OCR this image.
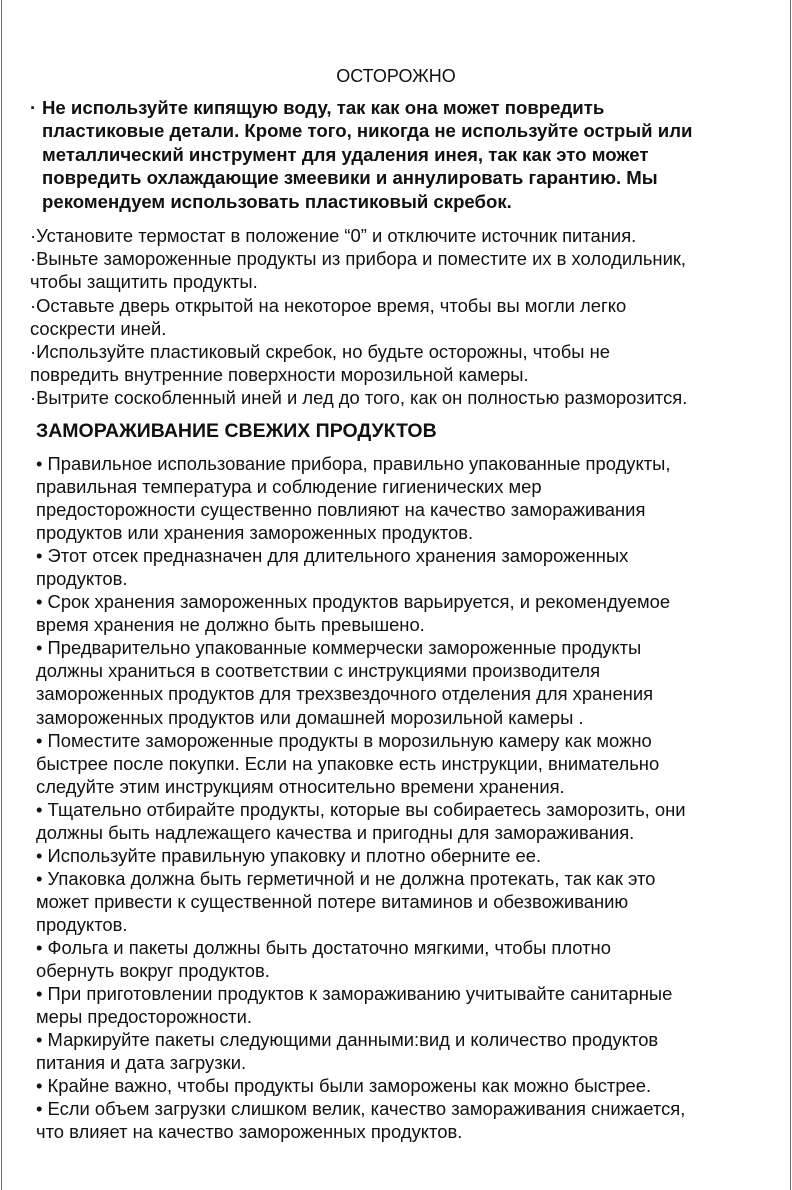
ОСТОРОЖНО
· Не используйте кипящую воду, так как она может повредить
пластиковые детали. Кроме того, никогда не используйте острый или
металлический инструмент для удаления инея, так как это может
повредить охлаждающие змеевики и аннулировать гарантию. Мы
рекомендуем использовать пластиковый скребок.
·Установите термостат в положение “0” и отключите источник питания.
·Выньте замороженные продукты из прибора и поместите их в холодильник,
чтобы защитить продукты.
·Оставьте дверь открытой на некоторое время, чтобы вы могли легко
соскрести иней.
·Используйте пластиковый скребок, но будьте осторожны, чтобы не
повредить внутренние поверхности морозильной камеры.
·Вытрите соскобленный иней и лед до того, как он полностью разморозится.
ЗАМОРАЖИВАНИЕ СВЕЖИХ ПРОДУКТОВ
• Правильное использование прибора, правильно упакованные продукты,
правильная температура и соблюдение гигиенических мер
предосторожности существенно повлияют на качество замораживания
продуктов или хранения замороженных продуктов.
• Этот отсек предназначен для длительного хранения замороженных
продуктов.
• Срок хранения замороженных продуктов варьируется, и рекомендуемое
время хранения не должно быть превышено.
• Предварительно упакованные коммерчески замороженные продукты
должны храниться в соответствии с инструкциями производителя
замороженных продуктов для трехзвездочного отделения для хранения
замороженных продуктов или домашней морозильной камеры .
• Поместите замороженные продукты в морозильную камеру как можно
быстрее после покупки. Если на упаковке есть инструкции, внимательно
следуйте этим инструкциям относительно времени хранения.
• Тщательно отбирайте продукты, которые вы собираетесь заморозить, они
должны быть надлежащего качества и пригодны для замораживания.
• Используйте правильную упаковку и плотно оберните ее.
• Упаковка должна быть герметичной и не должна протекать, так как это
может привести к существенной потере витаминов и обезвоживанию
продуктов.
• Фольга и пакеты должны быть достаточно мягкими, чтобы плотно
обернуть вокруг продуктов.
• При приготовлении продуктов к замораживанию учитывайте санитарные
меры предосторожности.
• Маркируйте пакеты следующими данными:вид и количество продуктов
питания и дата загрузки.
• Крайне важно, чтобы продукты были заморожены как можно быстрее.
• Если объем загрузки слишком велик, качество замораживания снижается,
что влияет на качество замороженных продуктов.
